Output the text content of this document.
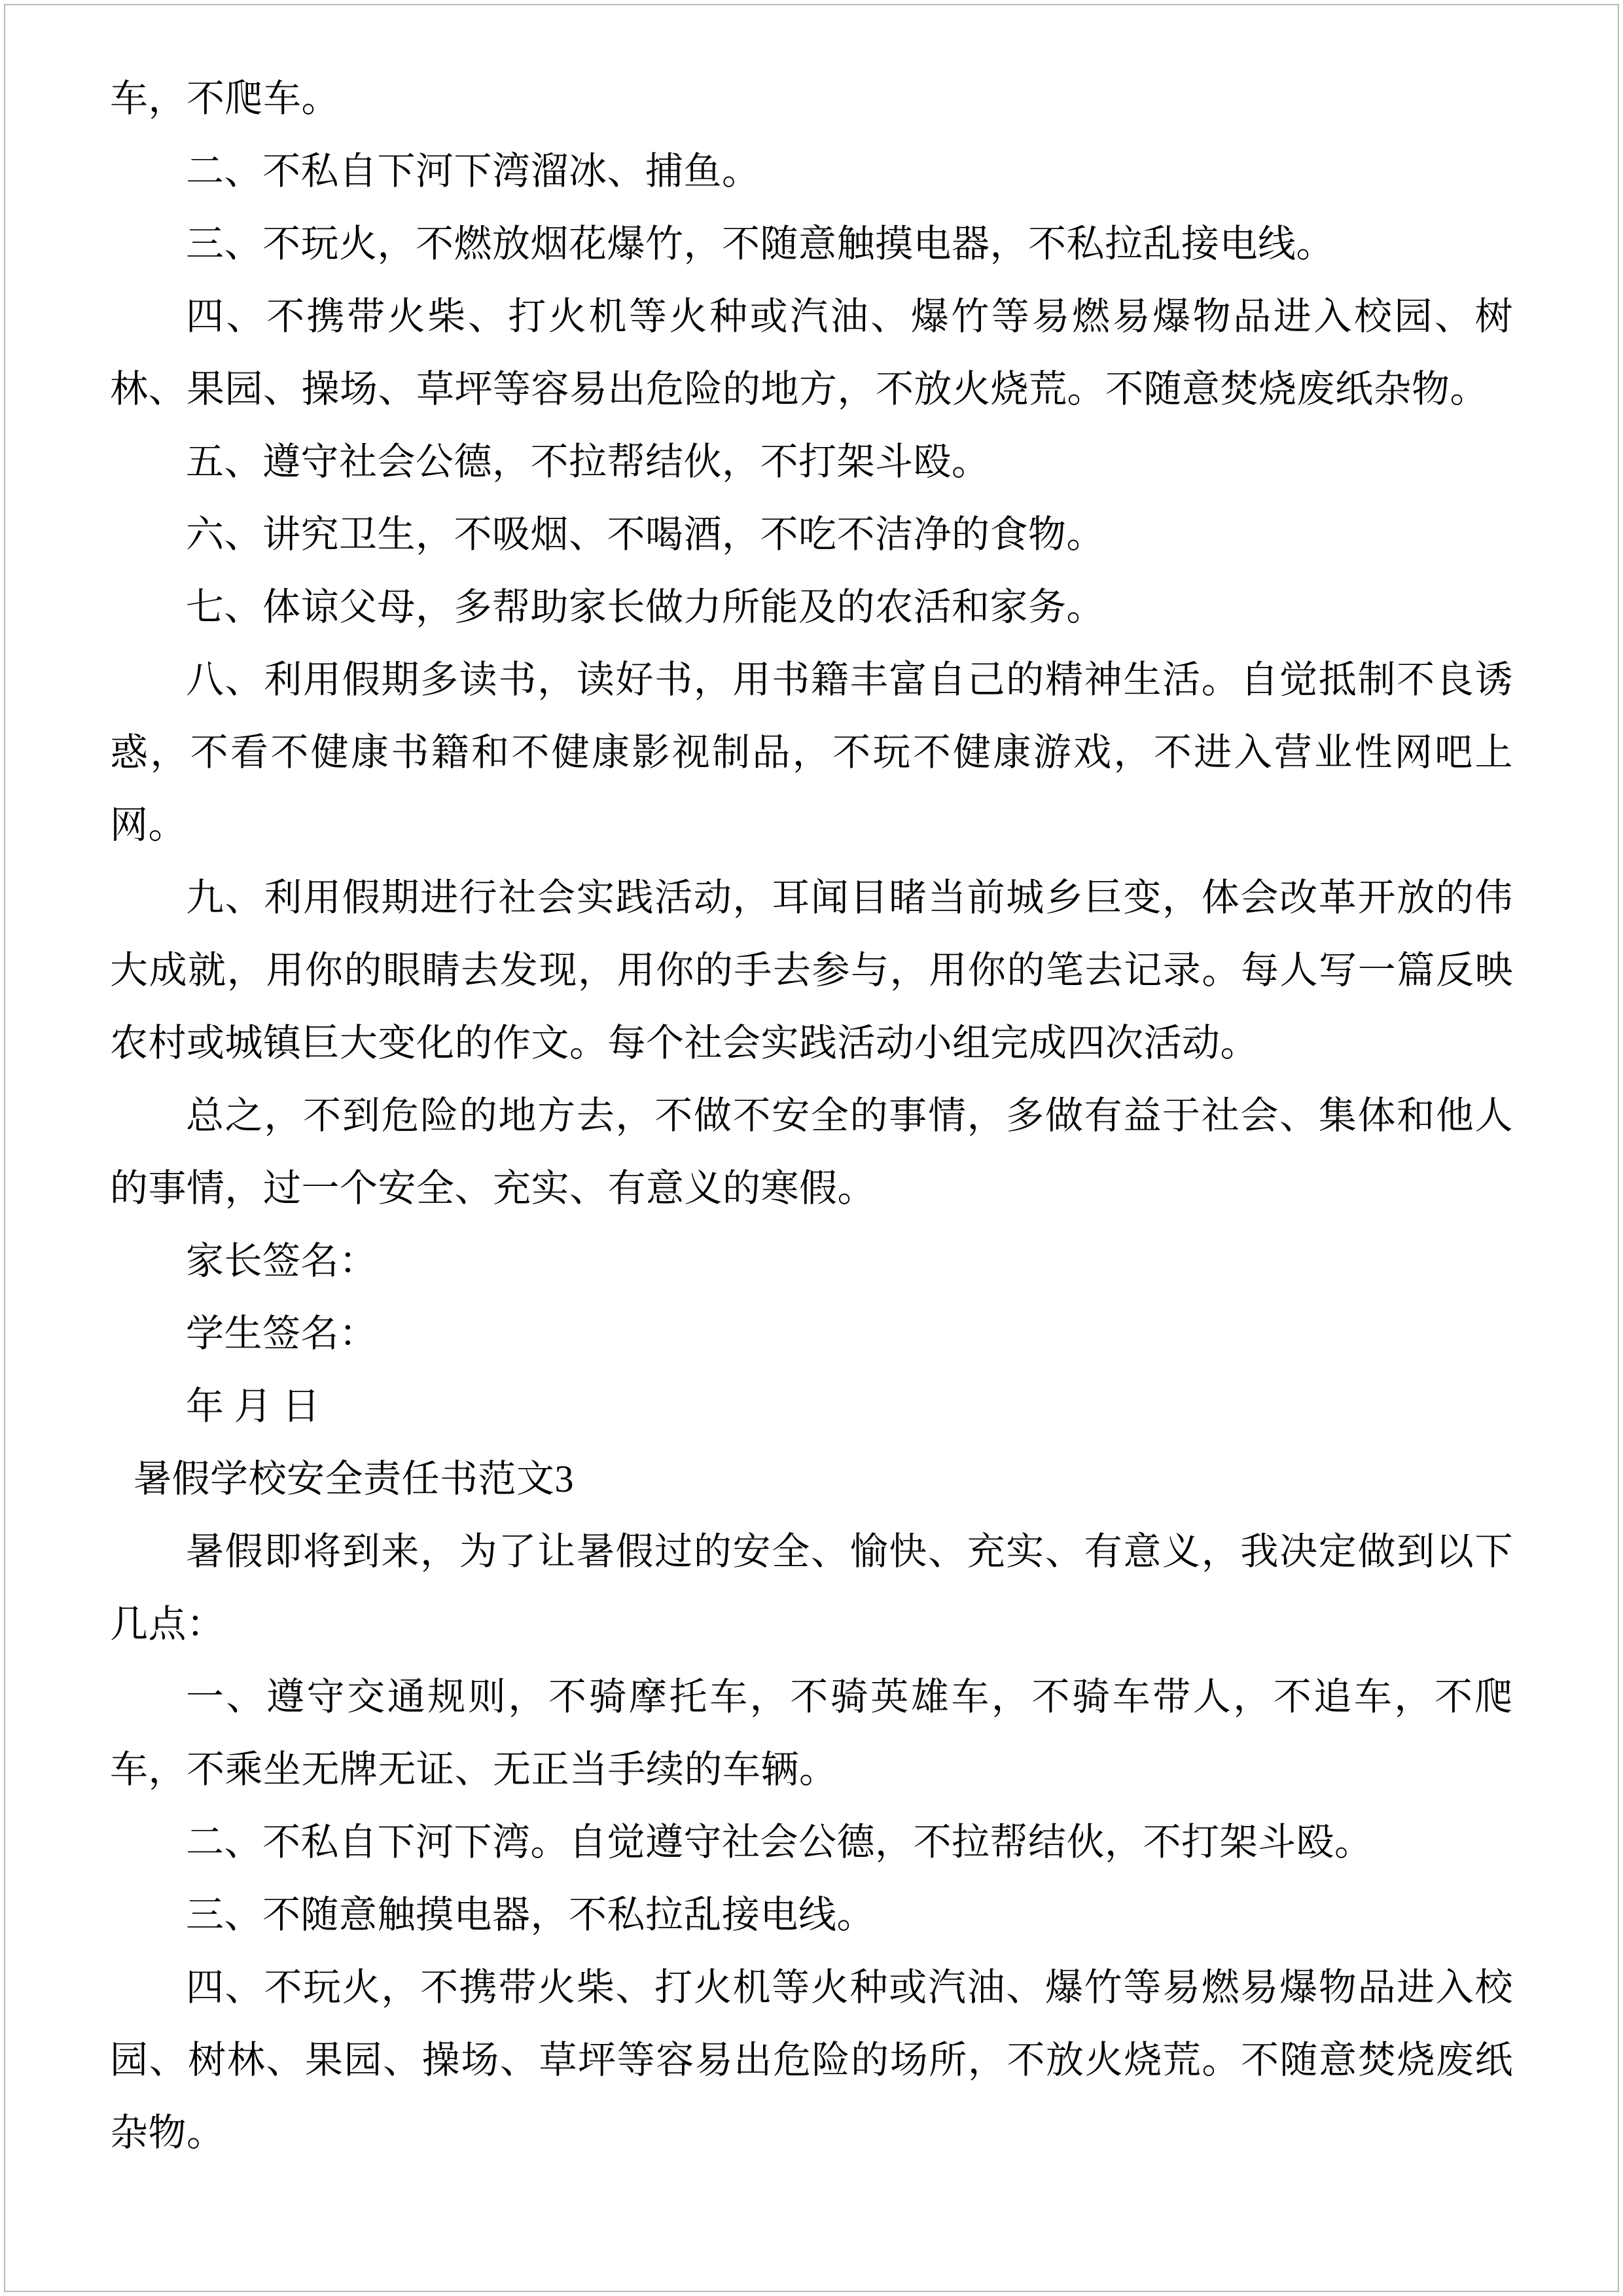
车，不爬车。

二、不私自下河下湾溜冰、捕鱼。

三、不玩火，不燃放烟花爆竹，不随意触摸电器，不私拉乱接电线。

四、不携带火柴、打火机等火种或汽油、爆竹等易燃易爆物品进入校园、树林、果园、操场、草坪等容易出危险的地方，不放火烧荒。不随意焚烧废纸杂物。

五、遵守社会公德，不拉帮结伙，不打架斗殴。

六、讲究卫生，不吸烟、不喝酒，不吃不洁净的食物。

七、体谅父母，多帮助家长做力所能及的农活和家务。

八、利用假期多读书，读好书，用书籍丰富自己的精神生活。自觉抵制不良诱惑，不看不健康书籍和不健康影视制品，不玩不健康游戏，不进入营业性网吧上网。

九、利用假期进行社会实践活动，耳闻目睹当前城乡巨变，体会改革开放的伟大成就，用你的眼睛去发现，用你的手去参与，用你的笔去记录。每人写一篇反映农村或城镇巨大变化的作文。每个社会实践活动小组完成四次活动。

总之，不到危险的地方去，不做不安全的事情，多做有益于社会、集体和他人的事情，过一个安全、充实、有意义的寒假。

家长签名：

学生签名：

年 月 日

暑假学校安全责任书范文3

暑假即将到来，为了让暑假过的安全、愉快、充实、有意义，我决定做到以下几点：

一、遵守交通规则，不骑摩托车，不骑英雄车，不骑车带人，不追车，不爬车，不乘坐无牌无证、无正当手续的车辆。

二、不私自下河下湾。自觉遵守社会公德，不拉帮结伙，不打架斗殴。

三、不随意触摸电器，不私拉乱接电线。

四、不玩火，不携带火柴、打火机等火种或汽油、爆竹等易燃易爆物品进入校园、树林、果园、操场、草坪等容易出危险的场所，不放火烧荒。不随意焚烧废纸杂物。
